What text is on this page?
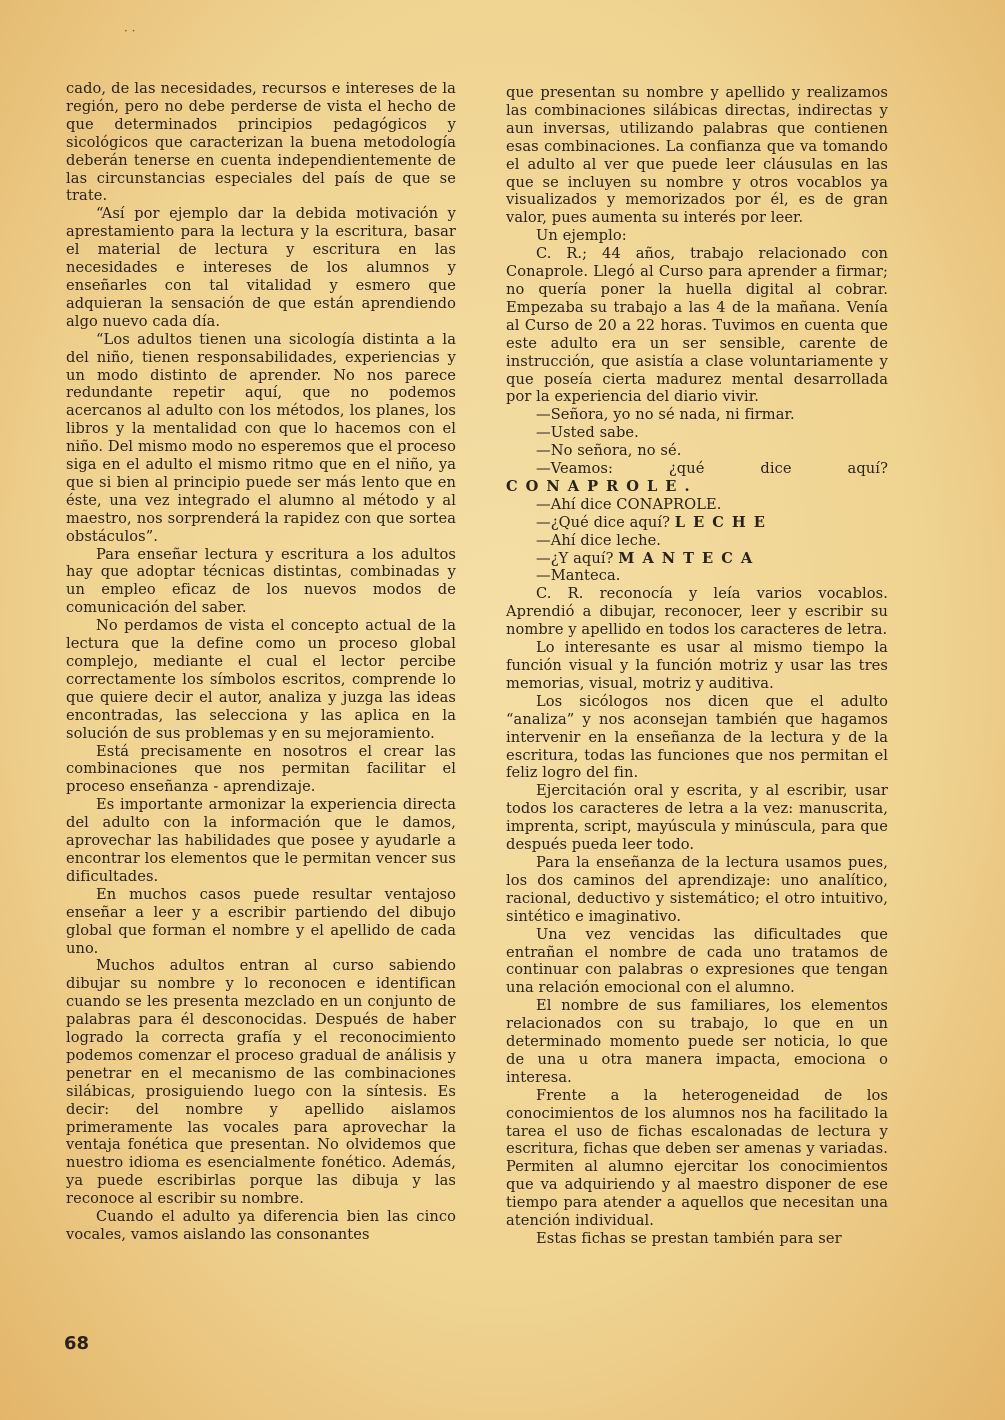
· ·

cado, de las necesidades, recursos e intereses de la región, pero no debe perderse de vista el hecho de que determinados principios pedagógicos y sicológicos que caracterizan la buena metodología deberán tenerse en cuenta independientemente de las circunstancias especiales del país de que se trate.

“Así por ejemplo dar la debida motivación y aprestamiento para la lectura y la escritura, basar el material de lectura y escritura en las necesidades e intereses de los alumnos y enseñarles con tal vitalidad y esmero que adquieran la sensación de que están aprendiendo algo nuevo cada día.

“Los adultos tienen una sicología distinta a la del niño, tienen responsabilidades, experiencias y un modo distinto de aprender. No nos parece redundante repetir aquí, que no podemos acercanos al adulto con los métodos, los planes, los libros y la mentalidad con que lo hacemos con el niño. Del mismo modo no esperemos que el proceso siga en el adulto el mismo ritmo que en el niño, ya que si bien al principio puede ser más lento que en éste, una vez integrado el alumno al método y al maestro, nos sorprenderá la rapidez con que sortea obstáculos”.

Para enseñar lectura y escritura a los adultos hay que adoptar técnicas distintas, combinadas y un empleo eficaz de los nuevos modos de comunicación del saber.

No perdamos de vista el concepto actual de la lectura que la define como un proceso global complejo, mediante el cual el lector percibe correctamente los símbolos escritos, comprende lo que quiere decir el autor, analiza y juzga las ideas encontradas, las selecciona y las aplica en la solución de sus problemas y en su mejoramiento.

Está precisamente en nosotros el crear las combinaciones que nos permitan facilitar el proceso enseñanza - aprendizaje.

Es importante armonizar la experiencia directa del adulto con la información que le damos, aprovechar las habilidades que posee y ayudarle a encontrar los elementos que le permitan vencer sus dificultades.

En muchos casos puede resultar ventajoso enseñar a leer y a escribir partiendo del dibujo global que forman el nombre y el apellido de cada uno.

Muchos adultos entran al curso sabiendo dibujar su nombre y lo reconocen e identifican cuando se les presenta mezclado en un conjunto de palabras para él desconocidas. Después de haber logrado la correcta grafía y el reconocimiento podemos comenzar el proceso gradual de análisis y penetrar en el mecanismo de las combinaciones silábicas, prosiguiendo luego con la síntesis. Es decir: del nombre y apellido aislamos primeramente las vocales para aprovechar la ventaja fonética que presentan. No olvidemos que nuestro idioma es esencialmente fonético. Además, ya puede escribirlas porque las dibuja y las reconoce al escribir su nombre.

Cuando el adulto ya diferencia bien las cinco vocales, vamos aislando las consonantes

que presentan su nombre y apellido y realizamos las combinaciones silábicas directas, indirectas y aun inversas, utilizando palabras que contienen esas combinaciones. La confianza que va tomando el adulto al ver que puede leer cláusulas en las que se incluyen su nombre y otros vocablos ya visualizados y memorizados por él, es de gran valor, pues aumenta su interés por leer.

Un ejemplo:

C. R.; 44 años, trabajo relacionado con Conaprole. Llegó al Curso para aprender a firmar; no quería poner la huella digital al cobrar. Empezaba su trabajo a las 4 de la mañana. Venía al Curso de 20 a 22 horas. Tuvimos en cuenta que este adulto era un ser sensible, carente de instrucción, que asistía a clase voluntariamente y que poseía cierta madurez mental desarrollada por la experiencia del diario vivir.

—Señora, yo no sé nada, ni firmar.

—Usted sabe.

—No señora, no sé.

—Veamos: ¿qué dice aquí? CONAPROLE.

—Ahí dice CONAPROLE.

—¿Qué dice aquí? LECHE

—Ahí dice leche.

—¿Y aquí? MANTECA

—Manteca.

C. R. reconocía y leía varios vocablos. Aprendió a dibujar, reconocer, leer y escribir su nombre y apellido en todos los caracteres de letra.

Lo interesante es usar al mismo tiempo la función visual y la función motriz y usar las tres memorias, visual, motriz y auditiva.

Los sicólogos nos dicen que el adulto “analiza” y nos aconsejan también que hagamos intervenir en la enseñanza de la lectura y de la escritura, todas las funciones que nos permitan el feliz logro del fin.

Ejercitación oral y escrita, y al escribir, usar todos los caracteres de letra a la vez: manuscrita, imprenta, script, mayúscula y minúscula, para que después pueda leer todo.

Para la enseñanza de la lectura usamos pues, los dos caminos del aprendizaje: uno analítico, racional, deductivo y sistemático; el otro intuitivo, sintético e imaginativo.

Una vez vencidas las dificultades que entrañan el nombre de cada uno tratamos de continuar con palabras o expresiones que tengan una relación emocional con el alumno.

El nombre de sus familiares, los elementos relacionados con su trabajo, lo que en un determinado momento puede ser noticia, lo que de una u otra manera impacta, emociona o interesa.

Frente a la heterogeneidad de los conocimientos de los alumnos nos ha facilitado la tarea el uso de fichas escalonadas de lectura y escritura, fichas que deben ser amenas y variadas. Permiten al alumno ejercitar los conocimientos que va adquiriendo y al maestro disponer de ese tiempo para atender a aquellos que necesitan una atención individual.

Estas fichas se prestan también para ser

68
